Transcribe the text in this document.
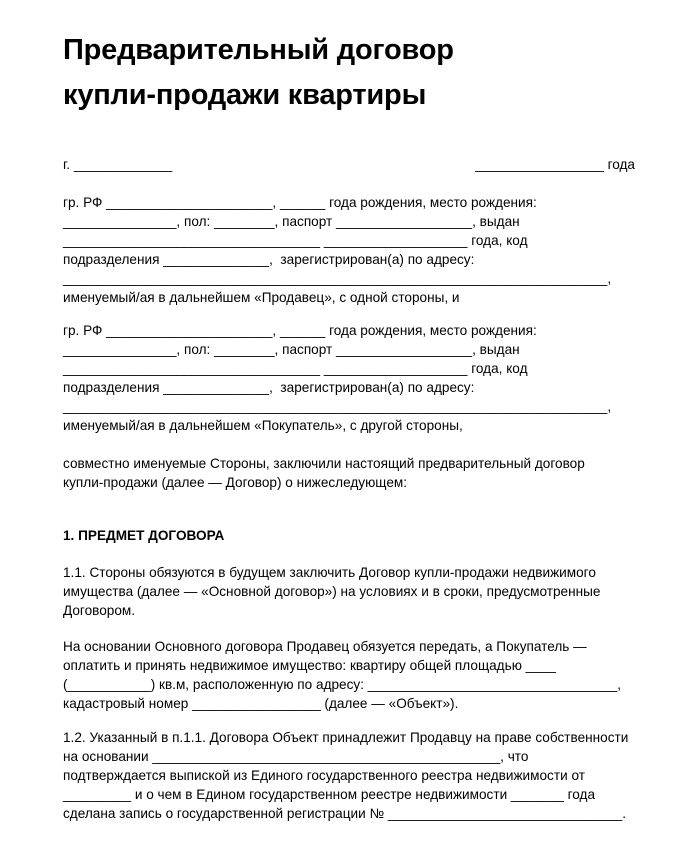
Предварительный договор
купли-продажи квартиры
г. _____________	_________________ года
гр. РФ ______________________, ______ года рождения, место рождения:
_______________, пол: ________, паспорт __________________, выдан
__________________________________ ___________________ года, код
подразделения ______________,  зарегистрирован(а) по адресу:
________________________________________________________________________,
именуемый/ая в дальнейшем «Продавец», с одной стороны, и
гр. РФ ______________________, ______ года рождения, место рождения:
_______________, пол: ________, паспорт __________________, выдан
__________________________________ ___________________ года, код
подразделения ______________,  зарегистрирован(а) по адресу:
________________________________________________________________________,
именуемый/ая в дальнейшем «Покупатель», с другой стороны,
совместно именуемые Стороны, заключили настоящий предварительный договор
купли-продажи (далее — Договор) о нижеследующем:
1. ПРЕДМЕТ ДОГОВОРА
1.1. Стороны обязуются в будущем заключить Договор купли-продажи недвижимого
имущества (далее — «Основной договор») на условиях и в сроки, предусмотренные
Договором.
На основании Основного договора Продавец обязуется передать, а Покупатель —
оплатить и принять недвижимое имущество: квартиру общей площадью ____
(___________) кв.м, расположенную по адресу: _________________________________,
кадастровый номер _________________ (далее — «Объект»).
1.2. Указанный в п.1.1. Договора Объект принадлежит Продавцу на праве собственности
на основании ______________________________________________, что
подтверждается выпиской из Единого государственного реестра недвижимости от
_________ и о чем в Едином государственном реестре недвижимости _______ года
сделана запись о государственной регистрации № _______________________________.
